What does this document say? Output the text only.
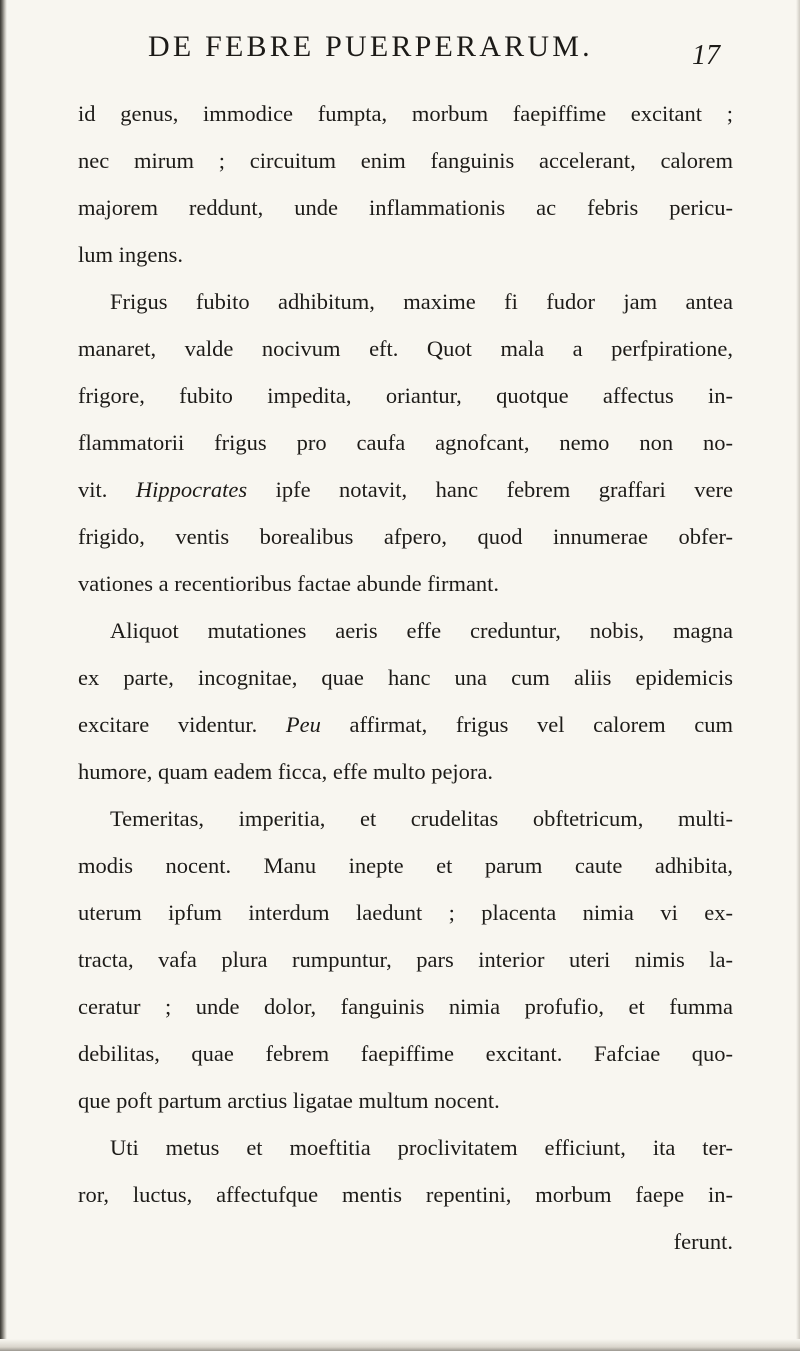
DE FEBRE PUERPERARUM.	17
id genus, immodice fumpta, morbum faepiffime excitant ;
nec mirum ; circuitum enim fanguinis accelerant, calorem
majorem reddunt, unde inflammationis ac febris pericu-
lum ingens.
Frigus fubito adhibitum, maxime fi fudor jam antea
manaret, valde nocivum eft. Quot mala a perfpiratione,
frigore, fubito impedita, oriantur, quotque affectus in-
flammatorii frigus pro caufa agnofcant, nemo non no-
vit. Hippocrates ipfe notavit, hanc febrem graffari vere
frigido, ventis borealibus afpero, quod innumerae obfer-
vationes a recentioribus factae abunde firmant.
Aliquot mutationes aeris effe creduntur, nobis, magna
ex parte, incognitae, quae hanc una cum aliis epidemicis
excitare videntur. Peu affirmat, frigus vel calorem cum
humore, quam eadem ficca, effe multo pejora.
Temeritas, imperitia, et crudelitas obftetricum, multi-
modis nocent. Manu inepte et parum caute adhibita,
uterum ipfum interdum laedunt ; placenta nimia vi ex-
tracta, vafa plura rumpuntur, pars interior uteri nimis la-
ceratur ; unde dolor, fanguinis nimia profufio, et fumma
debilitas, quae febrem faepiffime excitant. Fafciae quo-
que poft partum arctius ligatae multum nocent.
Uti metus et moeftitia proclivitatem efficiunt, ita ter-
ror, luctus, affectufque mentis repentini, morbum faepe in-
ferunt.
